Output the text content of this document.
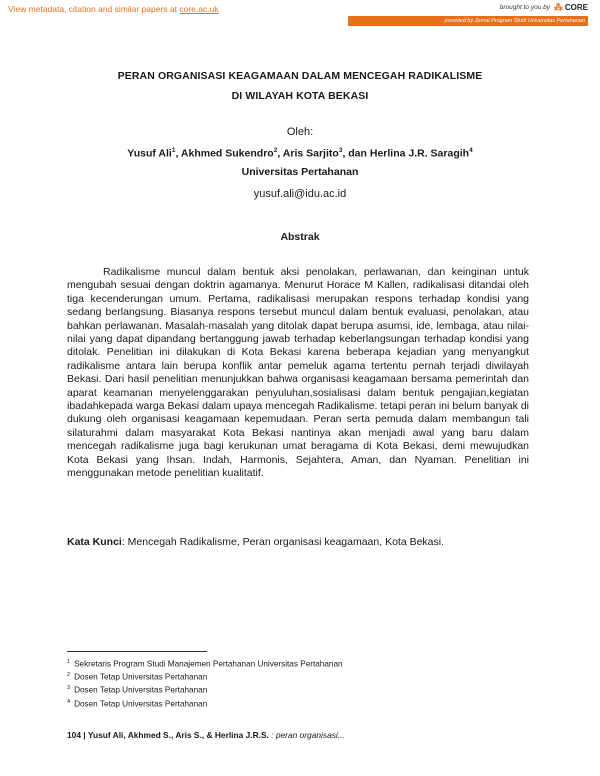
View metadata, citation and similar papers at core.ac.uk	brought to you by ⁂ CORE
provided by Jurnal Program Studi Universitas Pertahanan
PERAN ORGANISASI KEAGAMAAN DALAM MENCEGAH RADIKALISME
DI WILAYAH KOTA BEKASI
Oleh:
Yusuf Ali$^1$, Akhmed Sukendro$^2$, Aris Sarjito$^3$, dan Herlina J.R. Saragih$^4$
Universitas Pertahanan
yusuf.ali@idu.ac.id
Abstrak

Radikalisme muncul dalam bentuk aksi penolakan, perlawanan, dan keinginan untuk mengubah sesuai dengan doktrin agamanya. Menurut Horace M Kallen, radikalisasi ditandai oleh tiga kecenderungan umum. Pertama, radikalisasi merupakan respons terhadap kondisi yang sedang berlangsung. Biasanya respons tersebut muncul dalam bentuk evaluasi, penolakan, atau bahkan perlawanan. Masalah-masalah yang ditolak dapat berupa asumsi, ide, lembaga, atau nilai-nilai yang dapat dipandang bertanggung jawab terhadap keberlangsungan terhadap kondisi yang ditolak. Penelitian ini dilakukan di Kota Bekasi karena beberapa kejadian yang menyangkut radikalisme antara lain berupa konflik antar pemeluk agama tertentu pernah terjadi diwilayah Bekasi. Dari hasil penelitian menunjukkan bahwa organisasi keagamaan bersama pemerintah dan aparat keamanan menyelenggarakan penyuluhan,sosialisasi dalam bentuk pengajian,kegiatan ibadahkepada warga Bekasi dalam upaya mencegah Radikalisme. tetapi peran ini belum banyak di dukung oleh organisasi keagamaan kepemudaan. Peran serta pemuda dalam membangun tali silaturahmi dalam masyarakat Kota Bekasi nantinya akan menjadi awal yang baru dalam mencegah radikalisme juga bagi kerukunan umat beragama di Kota Bekasi, demi mewujudkan Kota Bekasi yang Ihsan. Indah, Harmonis, Sejahtera, Aman, dan Nyaman. Penelitian ini menggunakan metode penelitian kualitatif.

Kata Kunci: Mencegah Radikalisme, Peran organisasi keagamaan, Kota Bekasi.
$^1$ Sekretaris Program Studi Manajemen Pertahanan Universitas Pertahanan
$^2$ Dosen Tetap Universitas Pertahanan
$^3$ Dosen Tetap Universitas Pertahanan
$^4$ Dosen Tetap Universitas Pertahanan
104 | Yusuf Ali, Akhmed S., Aris S., & Herlina J.R.S. : peran organisasi...
